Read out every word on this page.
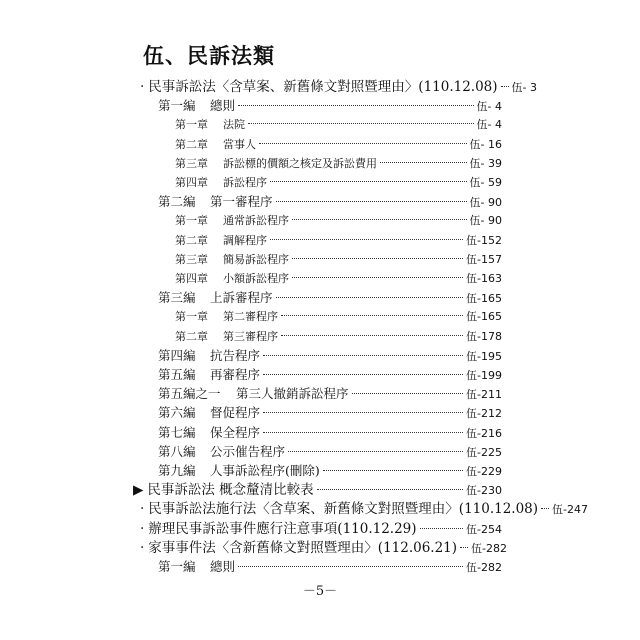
伍、民訴法類
‧ 民事訴訟法〈含草案、新舊條文對照暨理由〉(110.12.08) 伍- 3
第一編	總則	伍- 4
第一章	法院	伍- 4
第二章	當事人	伍- 16
第三章	訴訟標的價額之核定及訴訟費用	伍- 39
第四章	訴訟程序	伍- 59
第二編	第一審程序	伍- 90
第一章	通常訴訟程序	伍- 90
第二章	調解程序	伍-152
第三章	簡易訴訟程序	伍-157
第四章	小額訴訟程序	伍-163
第三編	上訴審程序	伍-165
第一章	第二審程序	伍-165
第二章	第三審程序	伍-178
第四編	抗告程序	伍-195
第五編	再審程序	伍-199
第五編之一	第三人撤銷訴訟程序	伍-211
第六編	督促程序	伍-212
第七編	保全程序	伍-216
第八編	公示催告程序	伍-225
第九編	人事訴訟程序(刪除)	伍-229
▶ 民事訴訟法 概念釐清比較表	伍-230
‧ 民事訴訟法施行法〈含草案、新舊條文對照暨理由〉(110.12.08) 伍-247
‧ 辦理民事訴訟事件應行注意事項(110.12.29)	伍-254
‧ 家事事件法〈含新舊條文對照暨理由〉(112.06.21) 伍-282
第一編	總則	伍-282
－5－
